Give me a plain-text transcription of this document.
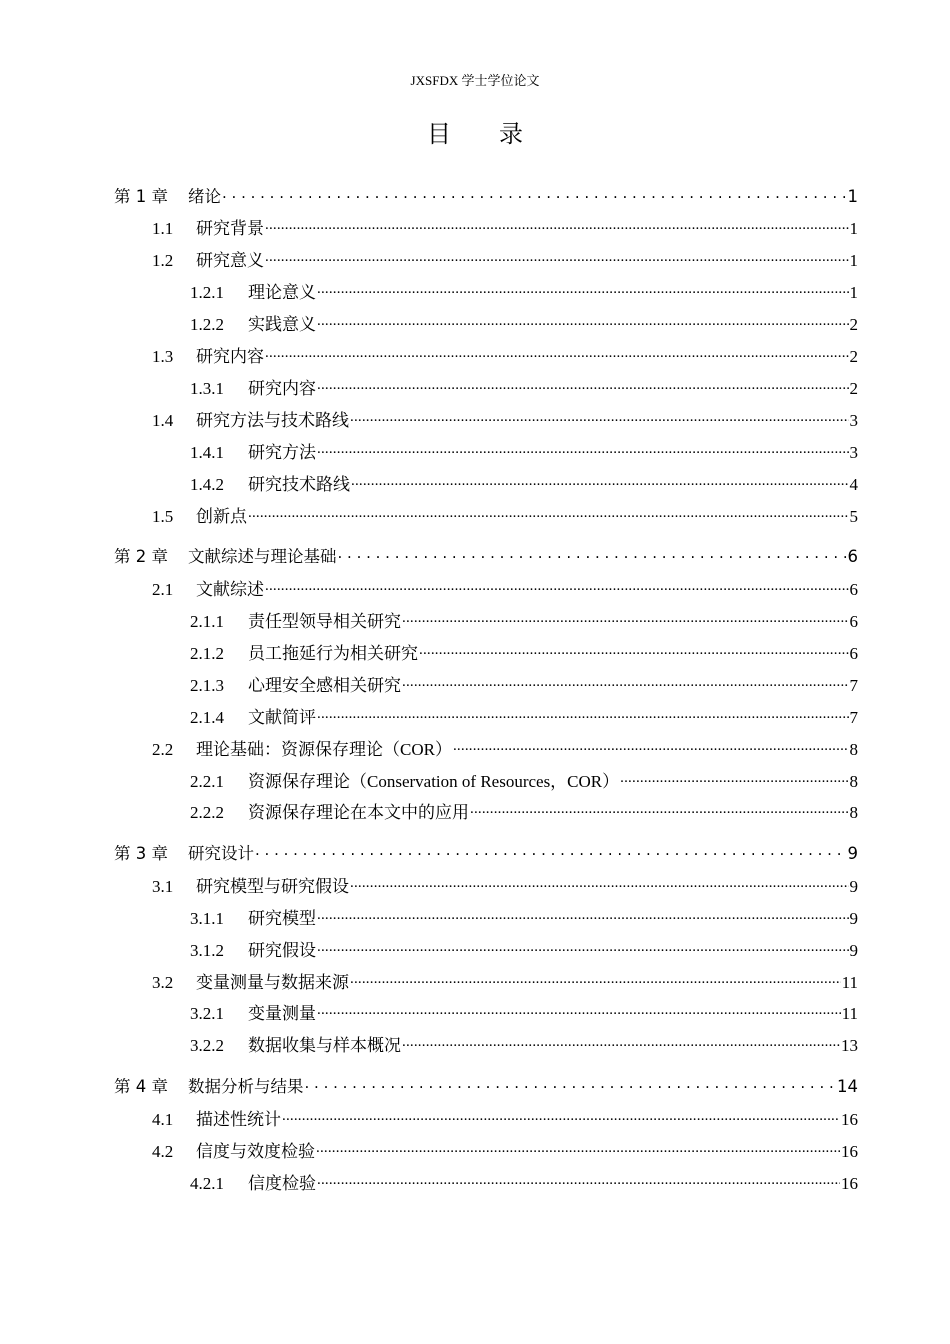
JXSFDX 学士学位论文
目录
第 1 章	绪论 . . .	1
1.1	研究背景 .....	1
1.2	研究意义 .....	1
1.2.1	理论意义 .....	1
1.2.2	实践意义 .....	2
1.3	研究内容 .....	2
1.3.1	研究内容 .....	2
1.4	研究方法与技术路线 .....	3
1.4.1	研究方法 .....	3
1.4.2	研究技术路线 .....	4
1.5	创新点 .....	5
第 2 章	文献综述与理论基础 . . .	6
2.1	文献综述 .....	6
2.1.1	责任型领导相关研究 .....	6
2.1.2	员工拖延行为相关研究 .....	6
2.1.3	心理安全感相关研究 .....	7
2.1.4	文献简评 .....	7
2.2	理论基础：资源保存理论（COR） .....	8
2.2.1	资源保存理论（Conservation of Resources，COR） .....	8
2.2.2	资源保存理论在本文中的应用 .....	8
第 3 章	研究设计 . . .	9
3.1	研究模型与研究假设 .....	9
3.1.1	研究模型 .....	9
3.1.2	研究假设 .....	9
3.2	变量测量与数据来源 .....	11
3.2.1	变量测量 .....	11
3.2.2	数据收集与样本概况 .....	13
第 4 章	数据分析与结果 . . .	14
4.1	描述性统计 .....	16
4.2	信度与效度检验 .....	16
4.2.1	信度检验 .....	16
